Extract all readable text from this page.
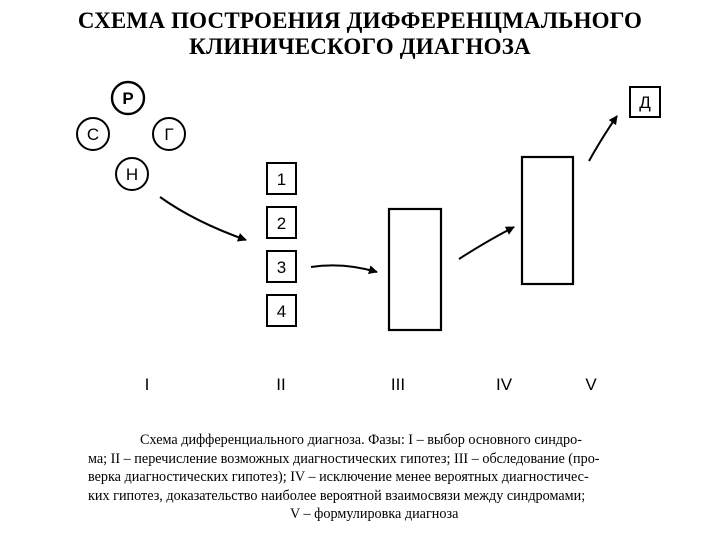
СХЕМА ПОСТРОЕНИЯ ДИФФЕРЕНЦМАЛЬНОГО
КЛИНИЧЕСКОГО ДИАГНОЗА
Р
С	Г
Н	1
2
3
4
Д
I	II	III	IV	V
Схема дифференциального диагноза. Фазы: I – выбор основного синдро-
ма; II – перечисление возможных диагностических гипотез; III – обследование (про-
верка диагностических гипотез); IV – исключение менее вероятных диагностичес-
ких гипотез, доказательство наиболее вероятной взаимосвязи между синдромами;
V – формулировка диагноза
